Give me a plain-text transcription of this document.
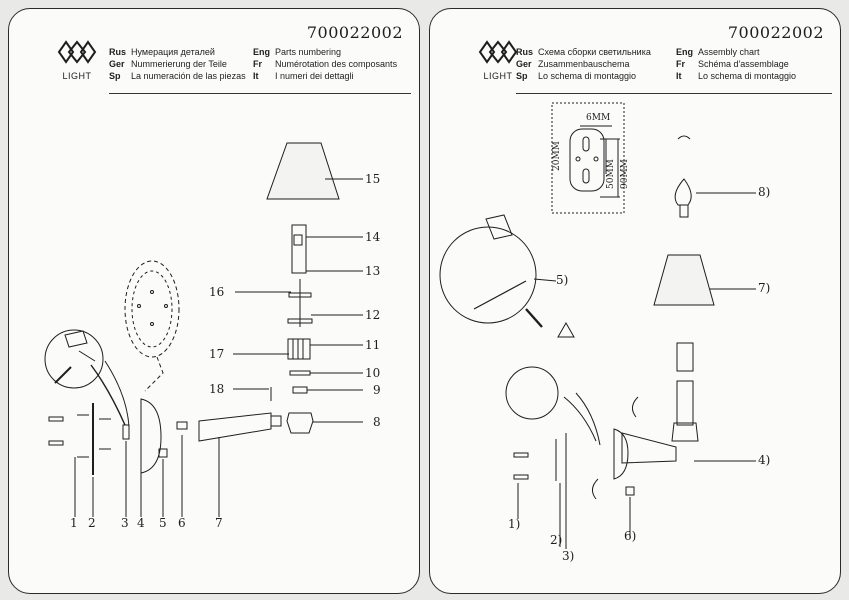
700022002
LIGHT
Rus Нумерация деталей
Ger Nummerierung der Teile
Sp La numeración de las piezas
Eng Parts numbering
Fr Numérotation des composants
It I numeri dei dettagli
15
14
13
16
12
11
17
10
18	9
8
1 2 3 4 5 6 7
700022002
LIGHT
Rus Схема сборки светильника
Ger Zusammenbauschema
Sp Lo schema di montaggio
Eng Assembly chart
Fr Schéma d'assemblage
It Lo schema di montaggio
6MM
20MM
50MM 90MM
8)
7)
5)
4)
1)
6)
2)
3)
